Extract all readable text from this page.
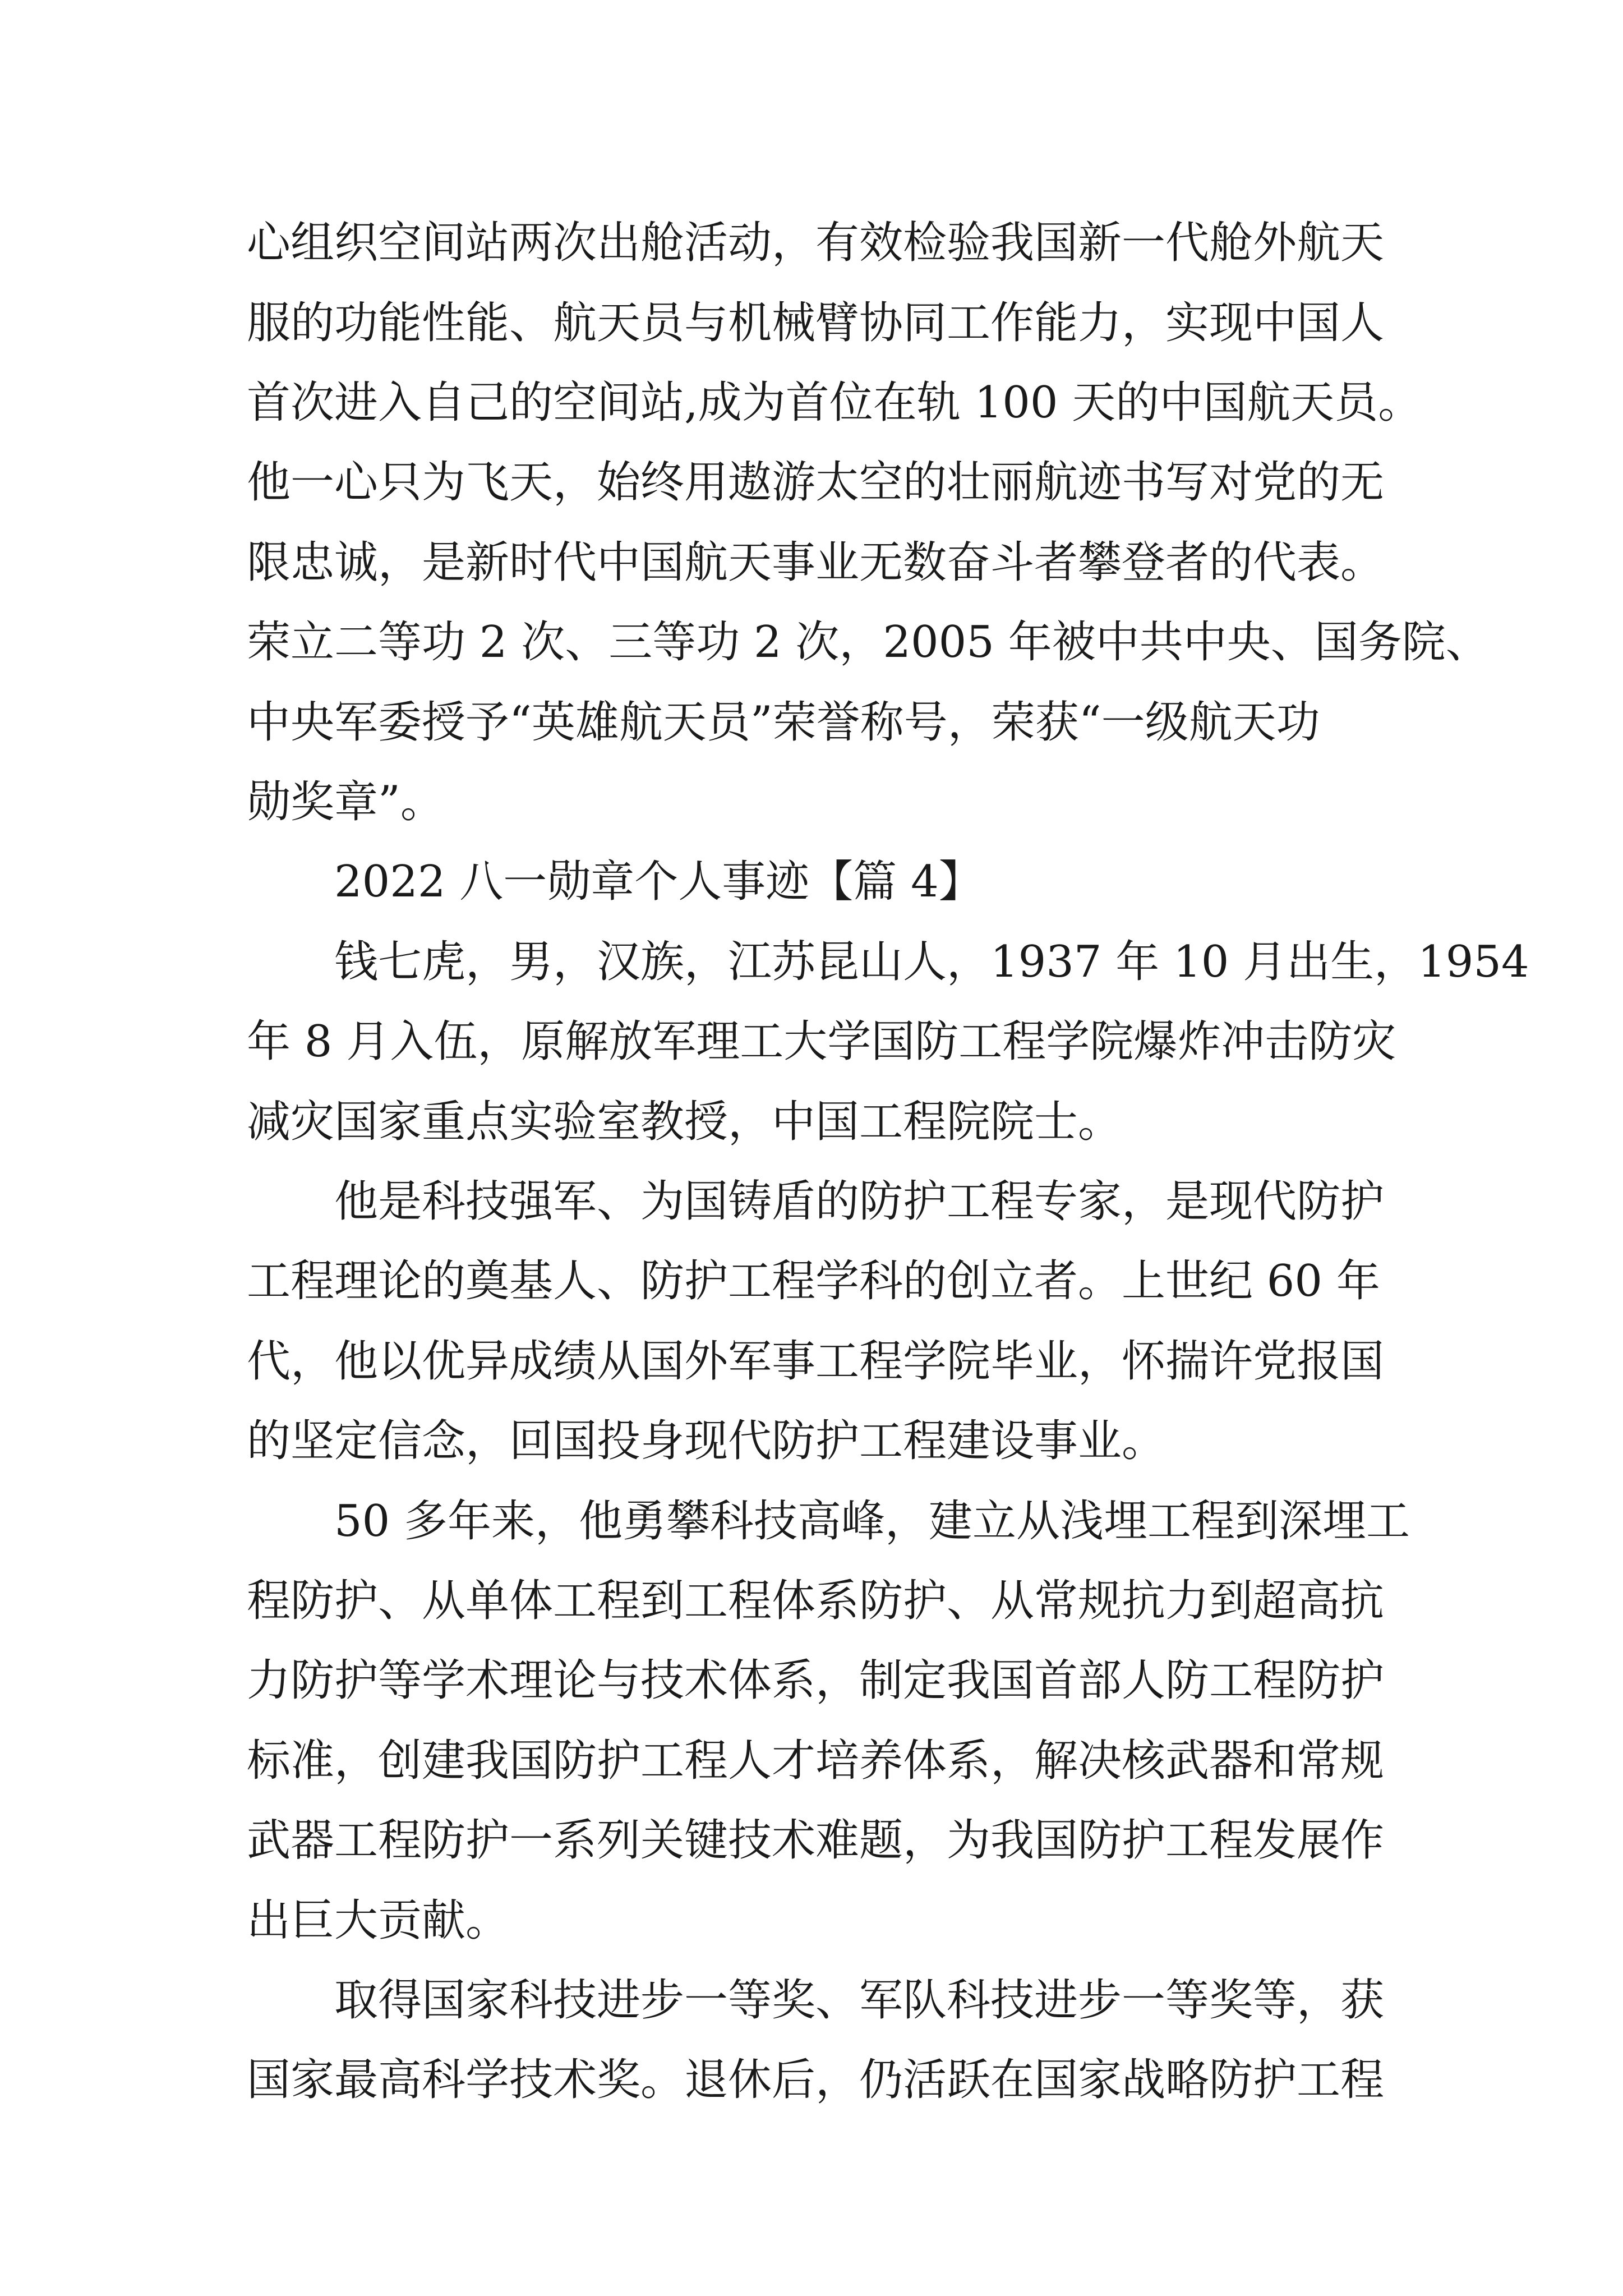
心组织空间站两次出舱活动，有效检验我国新一代舱外航天
服的功能性能、航天员与机械臂协同工作能力，实现中国人
首次进入自己的空间站,成为首位在轨 100 天的中国航天员。
他一心只为飞天，始终用遨游太空的壮丽航迹书写对党的无
限忠诚，是新时代中国航天事业无数奋斗者攀登者的代表。
荣立二等功 2 次、三等功 2 次，2005 年被中共中央、国务院、
中央军委授予“英雄航天员”荣誉称号，荣获“一级航天功
勋奖章”。
2022 八一勋章个人事迹【篇 4】
钱七虎，男，汉族，江苏昆山人，1937 年 10 月出生，1954
年 8 月入伍，原解放军理工大学国防工程学院爆炸冲击防灾
减灾国家重点实验室教授，中国工程院院士。
他是科技强军、为国铸盾的防护工程专家，是现代防护
工程理论的奠基人、防护工程学科的创立者。上世纪 60 年
代，他以优异成绩从国外军事工程学院毕业，怀揣许党报国
的坚定信念，回国投身现代防护工程建设事业。
50 多年来，他勇攀科技高峰，建立从浅埋工程到深埋工
程防护、从单体工程到工程体系防护、从常规抗力到超高抗
力防护等学术理论与技术体系，制定我国首部人防工程防护
标准，创建我国防护工程人才培养体系，解决核武器和常规
武器工程防护一系列关键技术难题，为我国防护工程发展作
出巨大贡献。
取得国家科技进步一等奖、军队科技进步一等奖等，获
国家最高科学技术奖。退休后，仍活跃在国家战略防护工程
